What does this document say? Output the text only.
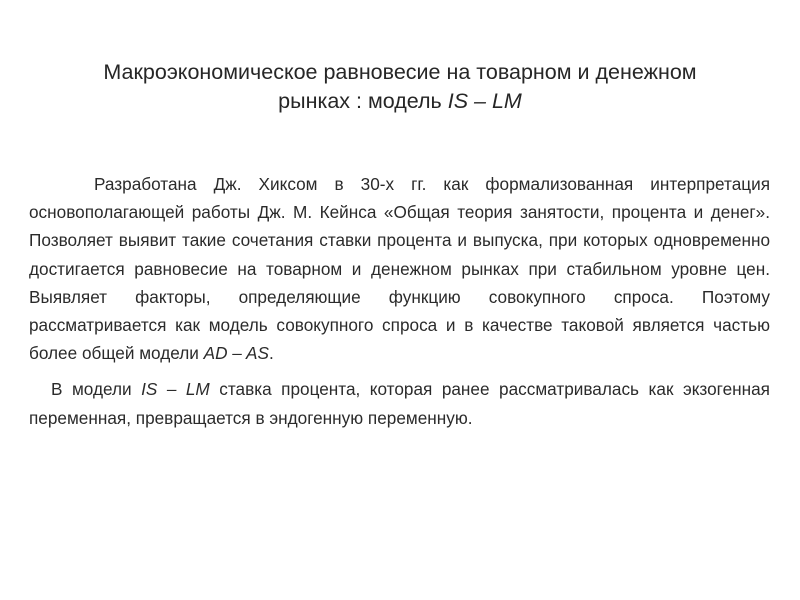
Макроэкономическое равновесие на товарном и денежном
рынках : модель IS – LM

Разработана Дж. Хиксом в 30-х гг. как формализованная интерпретация основополагающей работы Дж. М. Кейнса «Общая теория занятости, процента и денег». Позволяет выявит такие сочетания ставки процента и выпуска, при которых одновременно достигается равновесие на товарном и денежном рынках при стабильном уровне цен. Выявляет факторы, определяющие функцию совокупного спроса. Поэтому рассматривается как модель совокупного спроса и в качестве таковой является частью более общей модели AD – AS.

В модели IS – LM ставка процента, которая ранее рассматривалась как экзогенная переменная, превращается в эндогенную переменную.
